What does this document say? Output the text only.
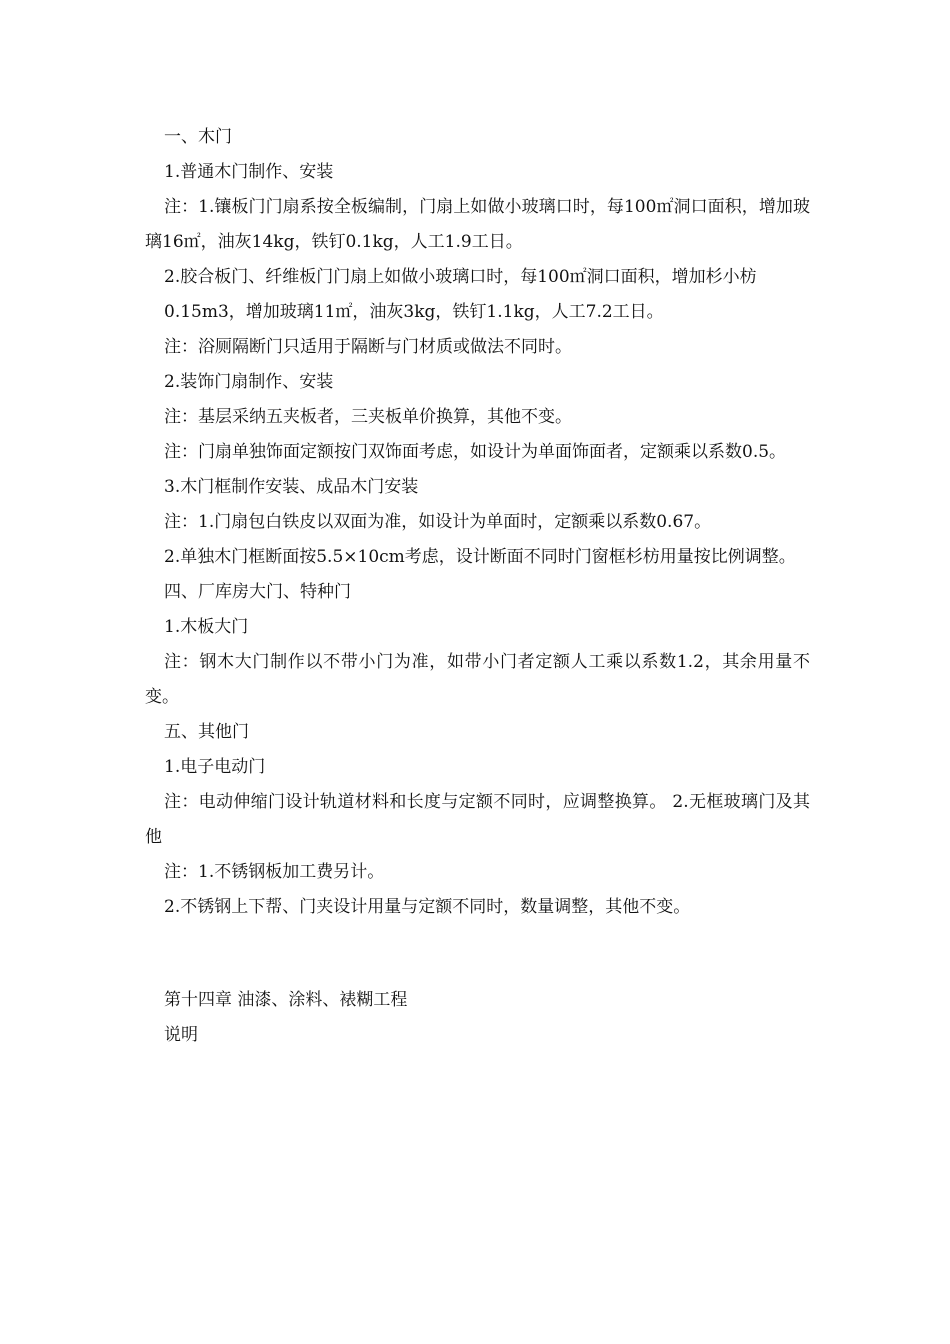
一、木门

1.普通木门制作、安装

注：1.镶板门门扇系按全板编制，门扇上如做小玻璃口时，每100㎡洞口面积，增加玻璃16㎡，油灰14kg，铁钉0.1kg，人工1.9工日。

2.胶合板门、纤维板门门扇上如做小玻璃口时，每100㎡洞口面积，增加杉小枋

0.15m3，增加玻璃11㎡，油灰3kg，铁钉1.1kg，人工7.2工日。

注：浴厕隔断门只适用于隔断与门材质或做法不同时。

2.装饰门扇制作、安装

注：基层采纳五夹板者，三夹板单价换算，其他不变。

注：门扇单独饰面定额按门双饰面考虑，如设计为单面饰面者，定额乘以系数0.5。

3.木门框制作安装、成品木门安装

注：1.门扇包白铁皮以双面为准，如设计为单面时，定额乘以系数0.67。

2.单独木门框断面按5.5×10cm考虑，设计断面不同时门窗框杉枋用量按比例调整。

四、厂库房大门、特种门

1.木板大门

注：钢木大门制作以不带小门为准，如带小门者定额人工乘以系数1.2，其余用量不变。

五、其他门

1.电子电动门

注：电动伸缩门设计轨道材料和长度与定额不同时，应调整换算。 2.无框玻璃门及其他

注：1.不锈钢板加工费另计。

2.不锈钢上下帮、门夹设计用量与定额不同时，数量调整，其他不变。

第十四章 油漆、涂料、裱糊工程

说明
